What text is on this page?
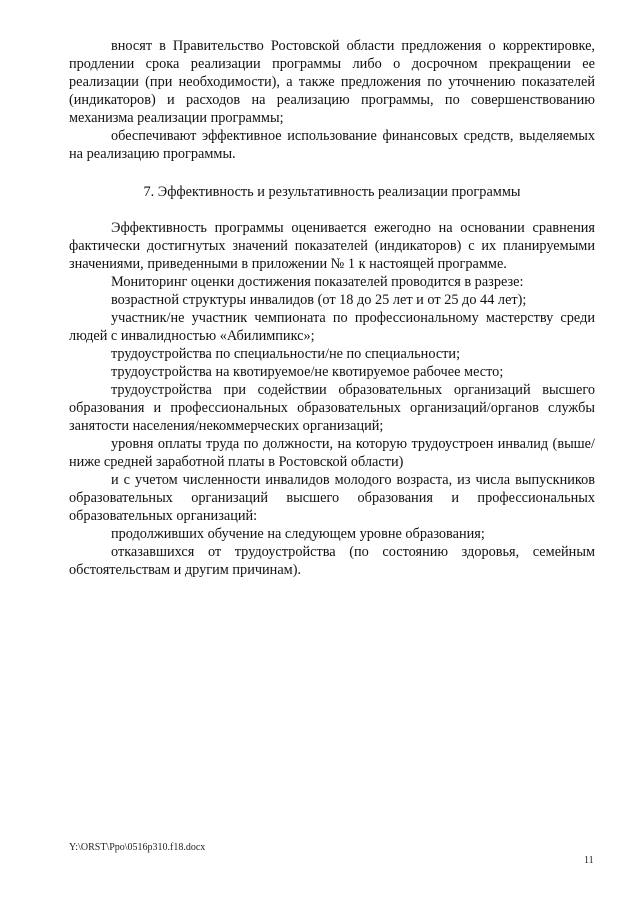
вносят в Правительство Ростовской области предложения о корректировке, продлении срока реализации программы либо о досрочном прекращении ее реализации (при необходимости), а также предложения по уточнению показателей (индикаторов) и расходов на реализацию программы, по совершенствованию механизма реализации программы;

обеспечивают эффективное использование финансовых средств, выделяемых на реализацию программы.

7. Эффективность и результативность реализации программы

Эффективность программы оценивается ежегодно на основании сравнения фактически достигнутых значений показателей (индикаторов) с их планируемыми значениями, приведенными в приложении № 1 к настоящей программе.

Мониторинг оценки достижения показателей проводится в разрезе:

возрастной структуры инвалидов (от 18 до 25 лет и от 25 до 44 лет);

участник/не участник чемпионата по профессиональному мастерству среди людей с инвалидностью «Абилимпикс»;

трудоустройства по специальности/не по специальности;

трудоустройства на квотируемое/не квотируемое рабочее место;

трудоустройства при содействии образовательных организаций высшего образования и профессиональных образовательных организаций/органов службы занятости населения/некоммерческих организаций;

уровня оплаты труда по должности, на которую трудоустроен инвалид (выше/ниже средней заработной платы в Ростовской области)

и с учетом численности инвалидов молодого возраста, из числа выпускников образовательных организаций высшего образования и профессиональных образовательных организаций:

продолживших обучение на следующем уровне образования;

отказавшихся от трудоустройства (по состоянию здоровья, семейным обстоятельствам и другим причинам).

Y:\ORST\Ppo\0516p310.f18.docx
11
